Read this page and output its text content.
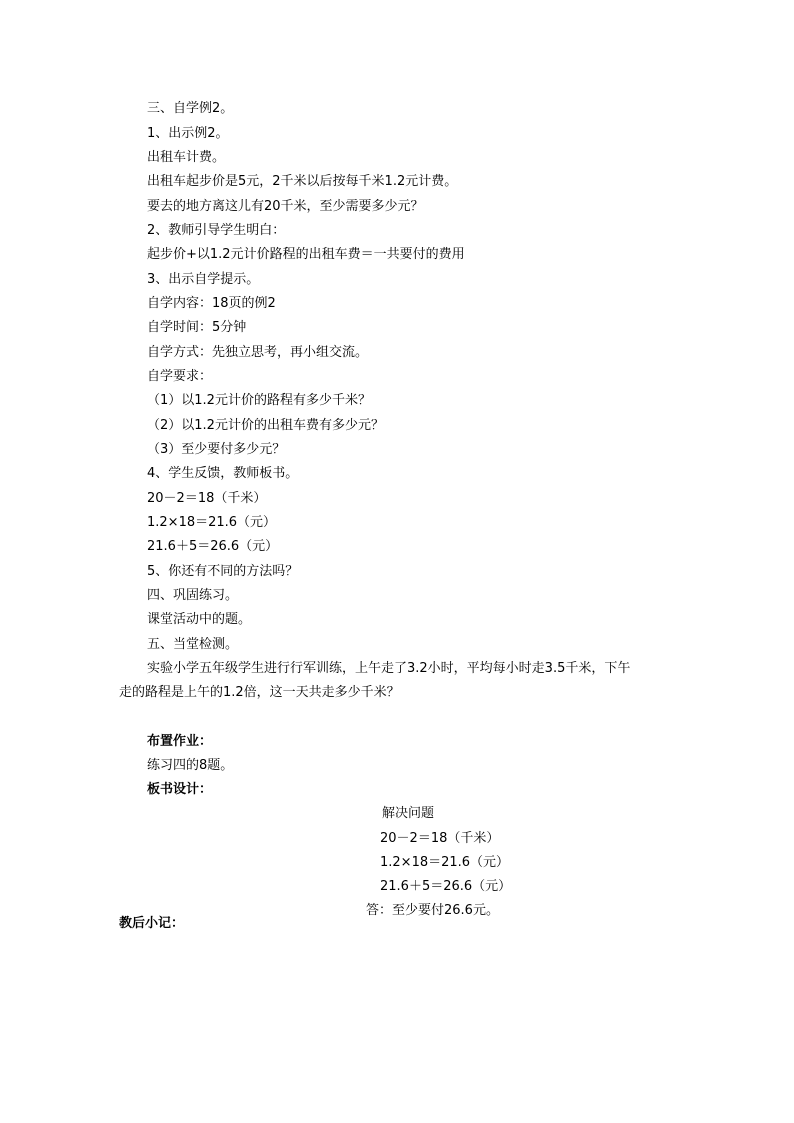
三、自学例2。
1、出示例2。
出租车计费。
出租车起步价是5元，2千米以后按每千米1.2元计费。
要去的地方离这儿有20千米，至少需要多少元？
2、教师引导学生明白：
起步价+以1.2元计价路程的出租车费＝一共要付的费用
3、出示自学提示。
自学内容：18页的例2
自学时间：5分钟
自学方式：先独立思考，再小组交流。
自学要求：
（1）以1.2元计价的路程有多少千米？
（2）以1.2元计价的出租车费有多少元？
（3）至少要付多少元？
4、学生反馈，教师板书。
20－2＝18（千米）
1.2×18＝21.6（元）
21.6＋5＝26.6（元）
5、你还有不同的方法吗？
四、巩固练习。
课堂活动中的题。
五、当堂检测。
实验小学五年级学生进行行军训练，上午走了3.2小时，平均每小时走3.5千米，下午
走的路程是上午的1.2倍，这一天共走多少千米？
布置作业：
练习四的8题。
板书设计：
解决问题
20－2＝18（千米）
1.2×18＝21.6（元）
21.6＋5＝26.6（元）
答：至少要付26.6元。
教后小记：
